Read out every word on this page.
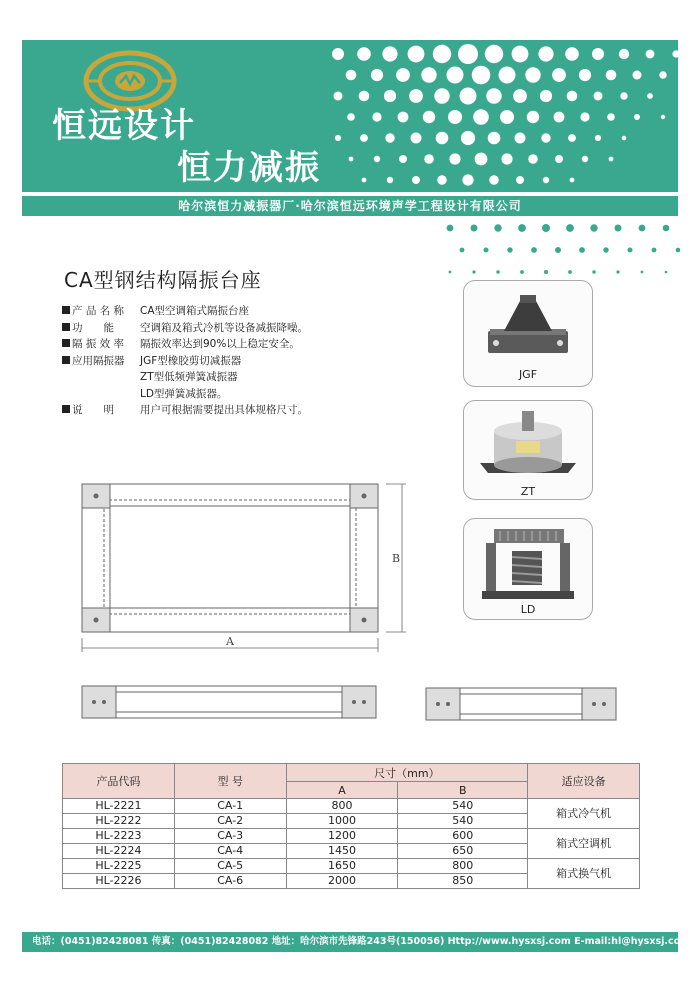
恒远设计
恒力减振
哈尔滨恒力减振器厂·哈尔滨恒远环境声学工程设计有限公司
CA型钢结构隔振台座
产 品 名 称	CA型空调箱式隔振台座
功　　能	空调箱及箱式冷机等设备减振降噪。
隔 振 效 率	隔振效率达到90%以上稳定安全。
应用隔振器	JGF型橡胶剪切减振器
ZT型低频弹簧减振器
LD型弹簧减振器。
说　　明	用户可根据需要提出具体规格尺寸。
JGF
ZT
LD
A
B
产品代码	型 号	尺寸（mm）		适应设备
		A	B	
HL-2221	CA-1	800	540	箱式冷气机
HL-2222	CA-2	1000	540	
HL-2223	CA-3	1200	600	箱式空调机
HL-2224	CA-4	1450	650	
HL-2225	CA-5	1650	800	箱式换气机
HL-2226	CA-6	2000	850	
电话：(0451)82428081 传真：(0451)82428082 地址：哈尔滨市先锋路243号(150056) Http://www.hysxsj.com E-mail:hl@hysxsj.com
